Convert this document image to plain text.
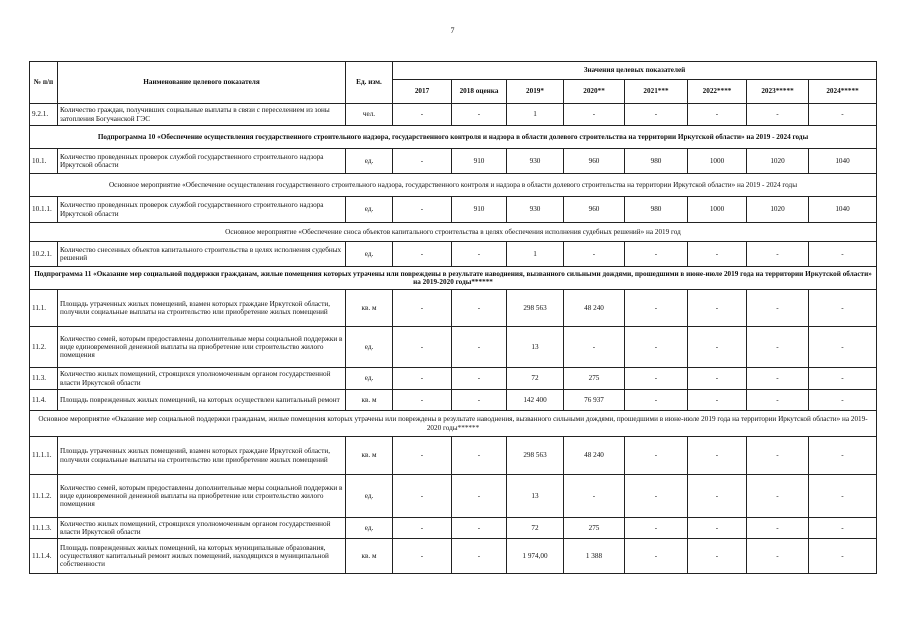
7
№ п/п	Наименование целевого показателя	Ед. изм.	Значения целевых показателей							
			2017	2018 оценка	2019*	2020**	2021***	2022****	2023*****	2024*****
9.2.1.	Количество граждан, получивших социальные выплаты в связи с переселением из зоны затопления Богучанской ГЭС	чел.	-	-	1	-	-	-	-	-
Подпрограмма 10 «Обеспечение осуществления государственного строительного надзора, государственного контроля и надзора в области долевого строительства на территории Иркутской области» на 2019 - 2024 годы										
10.1.	Количество проведенных проверок службой государственного строительного надзора Иркутской области	ед.	-	910	930	960	980	1000	1020	1040
Основное мероприятие «Обеспечение осуществления государственного строительного надзора, государственного контроля и надзора в области долевого строительства на территории Иркутской области» на 2019 - 2024 годы										
10.1.1.	Количество проведенных проверок службой государственного строительного надзора Иркутской области	ед.	-	910	930	960	980	1000	1020	1040
Основное мероприятие «Обеспечение сноса объектов капитального строительства в целях обеспечения исполнения судебных решений» на 2019 год										
10.2.1.	Количество снесенных объектов капитального строительства в целях исполнения судебных решений	ед.	-	-	1	-	-	-	-	-
Подпрограмма 11 «Оказание мер социальной поддержки гражданам, жилые помещения которых утрачены или повреждены в результате наводнения, вызванного сильными дождями, прошедшими в июне-июле 2019 года на территории Иркутской области» на 2019-2020 годы******										
11.1.	Площадь утраченных жилых помещений, взамен которых граждане Иркутской области, получили социальные выплаты на строительство или приобретение жилых помещений	кв. м	-	-	298 563	48 240	-	-	-	-
11.2.	Количество семей, которым предоставлены дополнительные меры социальной поддержки в виде единовременной денежной выплаты на приобретение или строительство жилого помещения	ед.	-	-	13	-	-	-	-	-
11.3.	Количество жилых помещений, строящихся уполномоченным органом государственной власти Иркутской области	ед.	-	-	72	275	-	-	-	-
11.4.	Площадь поврежденных жилых помещений, на которых осуществлен капитальный ремонт	кв. м	-	-	142 400	76 937	-	-	-	-
Основное мероприятие «Оказание мер социальной поддержки гражданам, жилые помещения которых утрачены или повреждены в результате наводнения, вызванного сильными дождями, прошедшими в июне-июле 2019 года на территории Иркутской области» на 2019-2020 годы******										
11.1.1.	Площадь утраченных жилых помещений, взамен которых граждане Иркутской области, получили социальные выплаты на строительство или приобретение жилых помещений	кв. м	-	-	298 563	48 240	-	-	-	-
11.1.2.	Количество семей, которым предоставлены дополнительные меры социальной поддержки в виде единовременной денежной выплаты на приобретение или строительство жилого помещения	ед.	-	-	13	-	-	-	-	-
11.1.3.	Количество жилых помещений, строящихся уполномоченным органом государственной власти Иркутской области	ед.	-	-	72	275	-	-	-	-
11.1.4.	Площадь поврежденных жилых помещений, на которых муниципальные образования, осуществляют капитальный ремонт жилых помещений, находящихся в муниципальной собственности	кв. м	-	-	1 974,00	1 388	-	-	-	-
